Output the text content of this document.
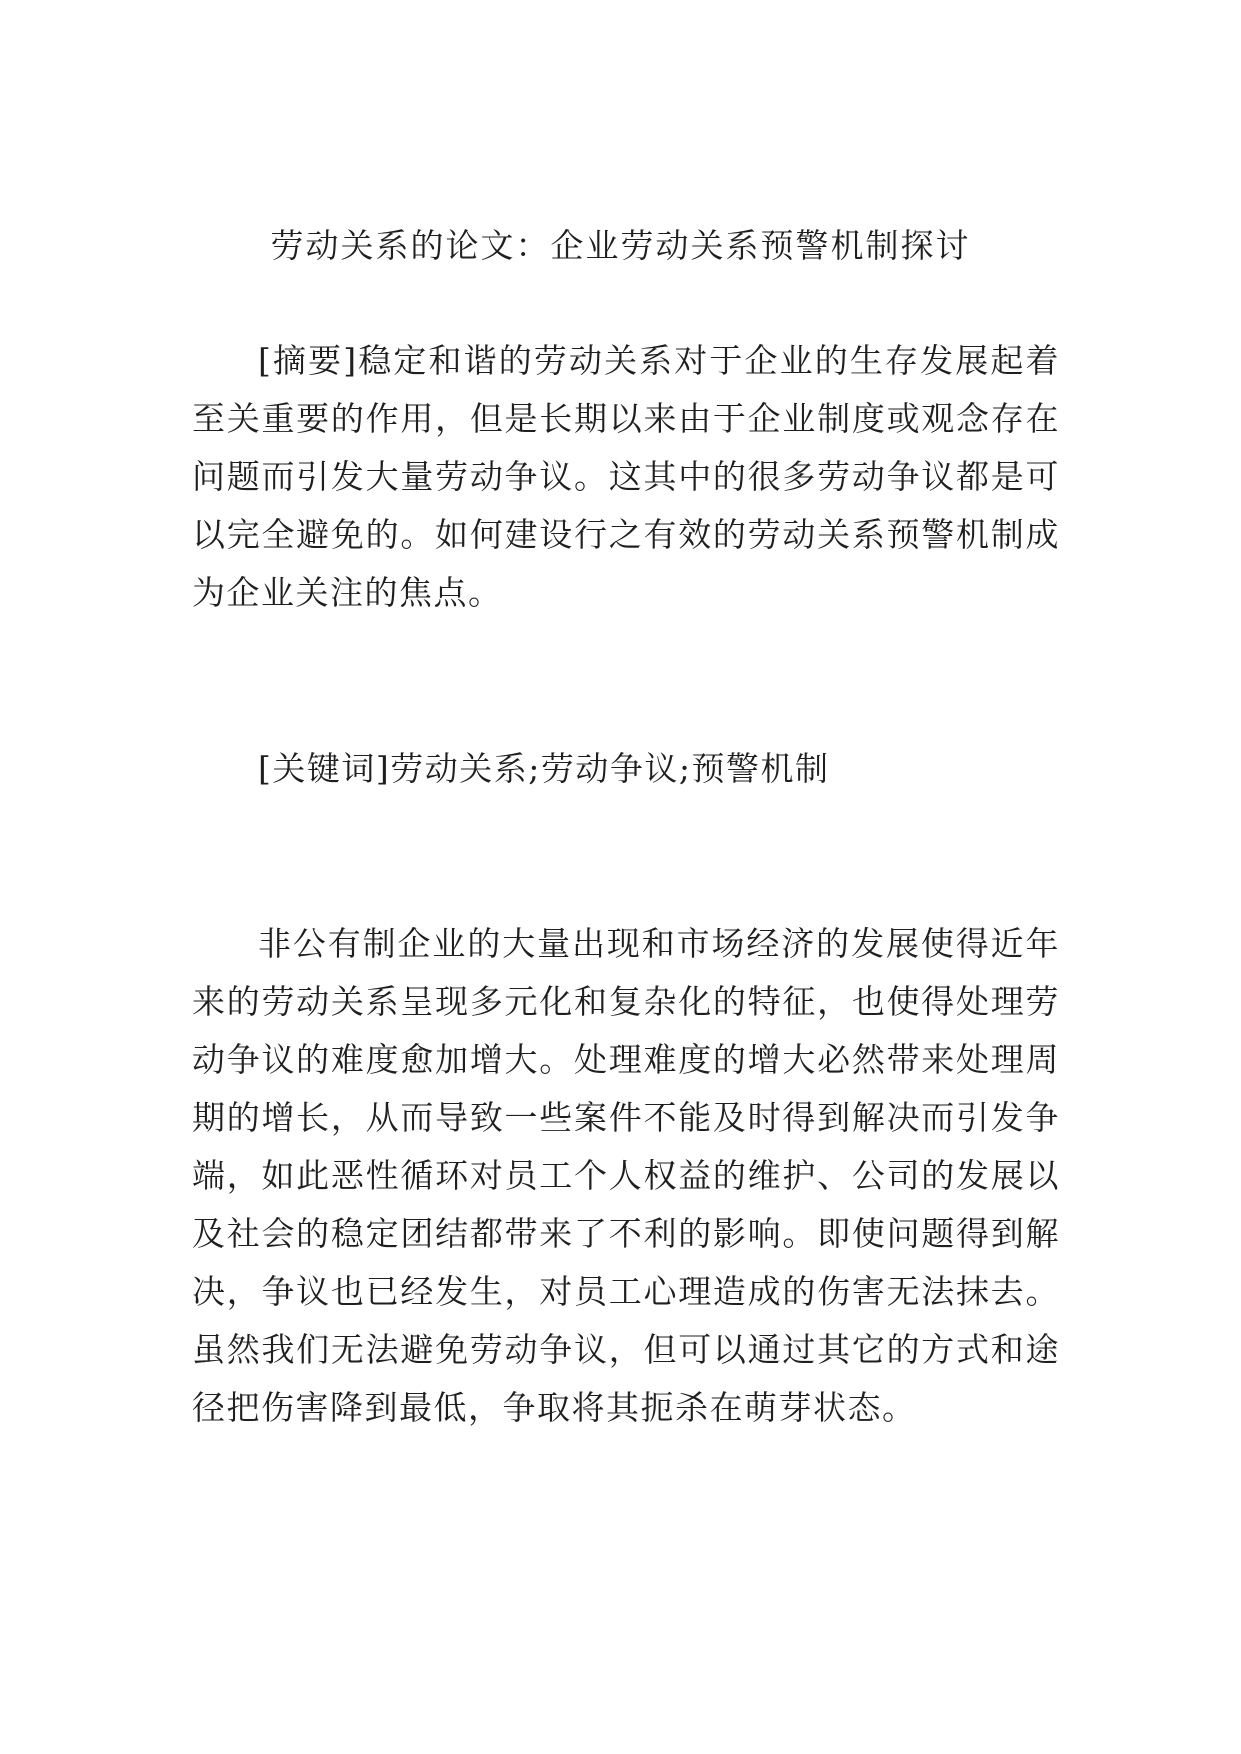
劳动关系的论文：企业劳动关系预警机制探讨

[摘要]稳定和谐的劳动关系对于企业的生存发展起着至关重要的作用，但是长期以来由于企业制度或观念存在问题而引发大量劳动争议。这其中的很多劳动争议都是可以完全避免的。如何建设行之有效的劳动关系预警机制成为企业关注的焦点。

[关键词]劳动关系;劳动争议;预警机制

非公有制企业的大量出现和市场经济的发展使得近年来的劳动关系呈现多元化和复杂化的特征，也使得处理劳动争议的难度愈加增大。处理难度的增大必然带来处理周期的增长，从而导致一些案件不能及时得到解决而引发争端，如此恶性循环对员工个人权益的维护、公司的发展以及社会的稳定团结都带来了不利的影响。即使问题得到解决，争议也已经发生，对员工心理造成的伤害无法抹去。虽然我们无法避免劳动争议，但可以通过其它的方式和途径把伤害降到最低，争取将其扼杀在萌芽状态。
